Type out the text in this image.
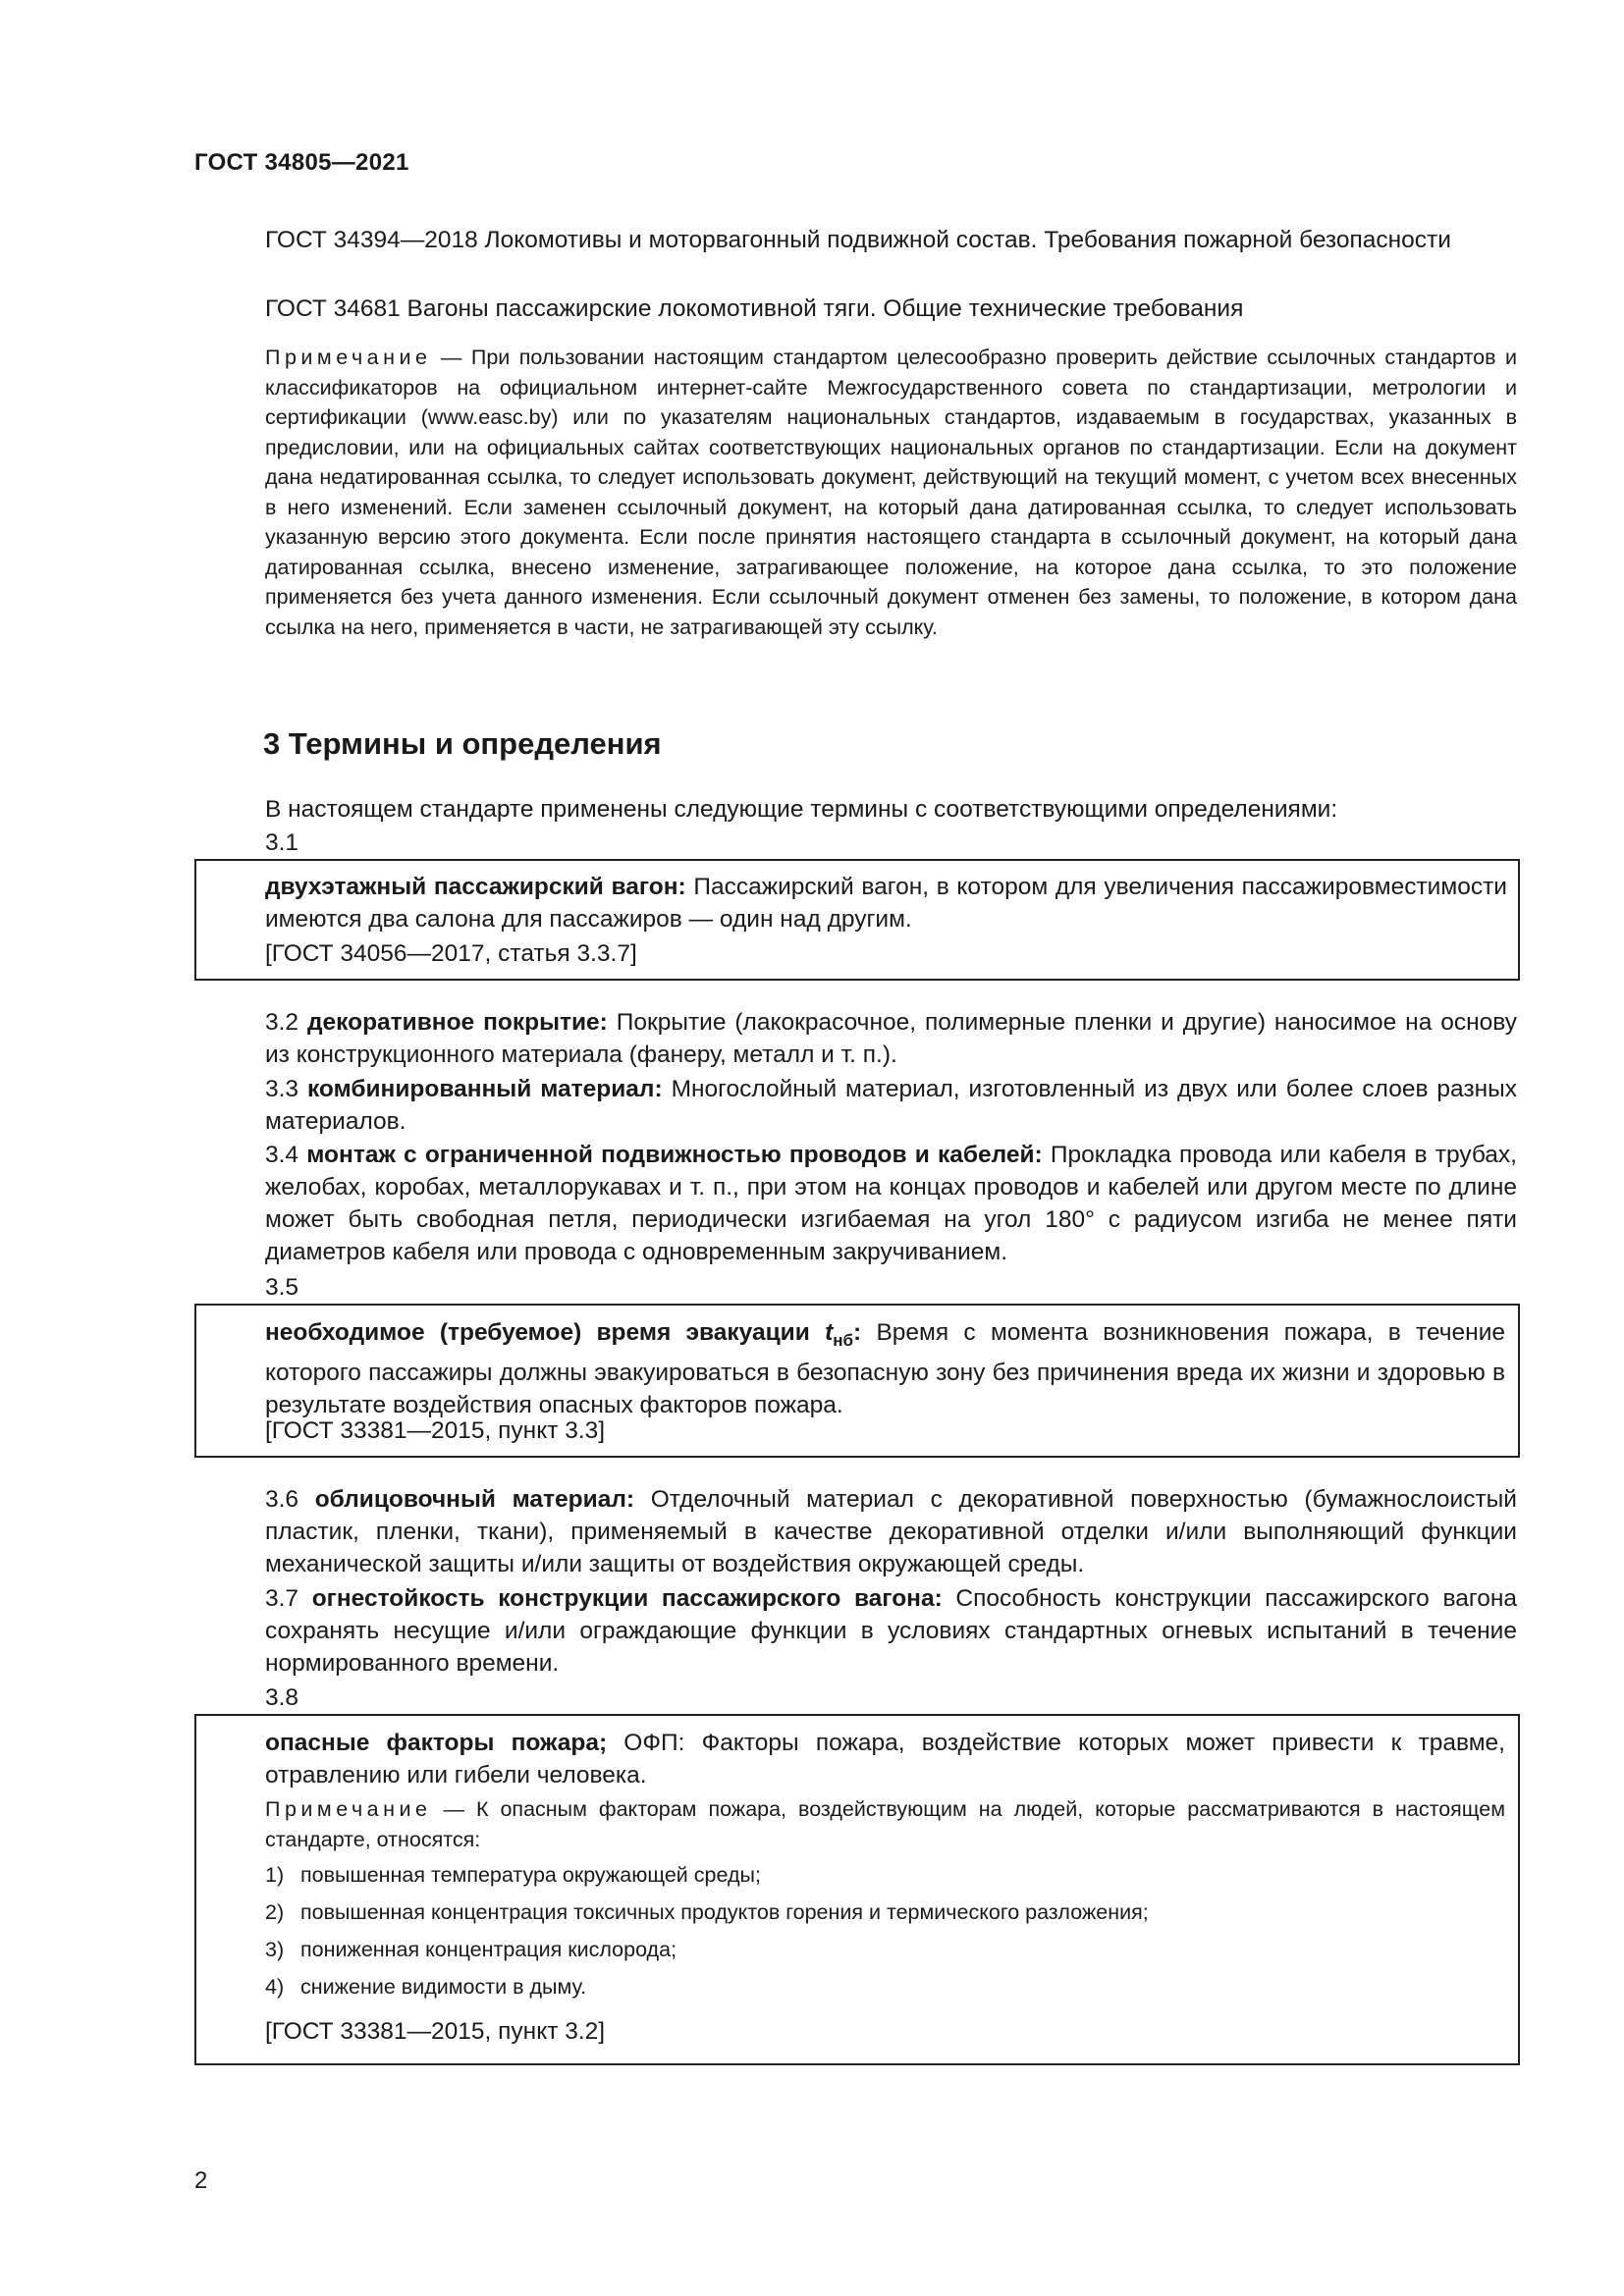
ГОСТ 34805—2021
ГОСТ 34394—2018 Локомотивы и моторвагонный подвижной состав. Требования пожарной безопасности
ГОСТ 34681 Вагоны пассажирские локомотивной тяги. Общие технические требования
Примечание — При пользовании настоящим стандартом целесообразно проверить действие ссылочных стандартов и классификаторов на официальном интернет-сайте Межгосударственного совета по стандартизации, метрологии и сертификации (www.easc.by) или по указателям национальных стандартов, издаваемым в государствах, указанных в предисловии, или на официальных сайтах соответствующих национальных органов по стандартизации. Если на документ дана недатированная ссылка, то следует использовать документ, действующий на текущий момент, с учетом всех внесенных в него изменений. Если заменен ссылочный документ, на который дана датированная ссылка, то следует использовать указанную версию этого документа. Если после принятия настоящего стандарта в ссылочный документ, на который дана датированная ссылка, внесено изменение, затрагивающее положение, на которое дана ссылка, то это положение применяется без учета данного изменения. Если ссылочный документ отменен без замены, то положение, в котором дана ссылка на него, применяется в части, не затрагивающей эту ссылку.
3 Термины и определения
В настоящем стандарте применены следующие термины с соответствующими определениями:
3.1
двухэтажный пассажирский вагон: Пассажирский вагон, в котором для увеличения пассажировместимости имеются два салона для пассажиров — один над другим.
[ГОСТ 34056—2017, статья 3.3.7]
3.2 декоративное покрытие: Покрытие (лакокрасочное, полимерные пленки и другие) наносимое на основу из конструкционного материала (фанеру, металл и т. п.).
3.3 комбинированный материал: Многослойный материал, изготовленный из двух или более слоев разных материалов.
3.4 монтаж с ограниченной подвижностью проводов и кабелей: Прокладка провода или кабеля в трубах, желобах, коробах, металлорукавах и т. п., при этом на концах проводов и кабелей или другом месте по длине может быть свободная петля, периодически изгибаемая на угол 180° с радиусом изгиба не менее пяти диаметров кабеля или провода с одновременным закручиванием.
3.5
необходимое (требуемое) время эвакуации $t_{нб}$: Время с момента возникновения пожара, в течение которого пассажиры должны эвакуироваться в безопасную зону без причинения вреда их жизни и здоровью в результате воздействия опасных факторов пожара.
[ГОСТ 33381—2015, пункт 3.3]
3.6 облицовочный материал: Отделочный материал с декоративной поверхностью (бумажнослоистый пластик, пленки, ткани), применяемый в качестве декоративной отделки и/или выполняющий функции механической защиты и/или защиты от воздействия окружающей среды.
3.7 огнестойкость конструкции пассажирского вагона: Способность конструкции пассажирского вагона сохранять несущие и/или ограждающие функции в условиях стандартных огневых испытаний в течение нормированного времени.
3.8
опасные факторы пожара; ОФП: Факторы пожара, воздействие которых может привести к травме, отравлению или гибели человека.
Примечание — К опасным факторам пожара, воздействующим на людей, которые рассматриваются в настоящем стандарте, относятся:
1) повышенная температура окружающей среды;
2) повышенная концентрация токсичных продуктов горения и термического разложения;
3) пониженная концентрация кислорода;
4) снижение видимости в дыму.
[ГОСТ 33381—2015, пункт 3.2]
2
